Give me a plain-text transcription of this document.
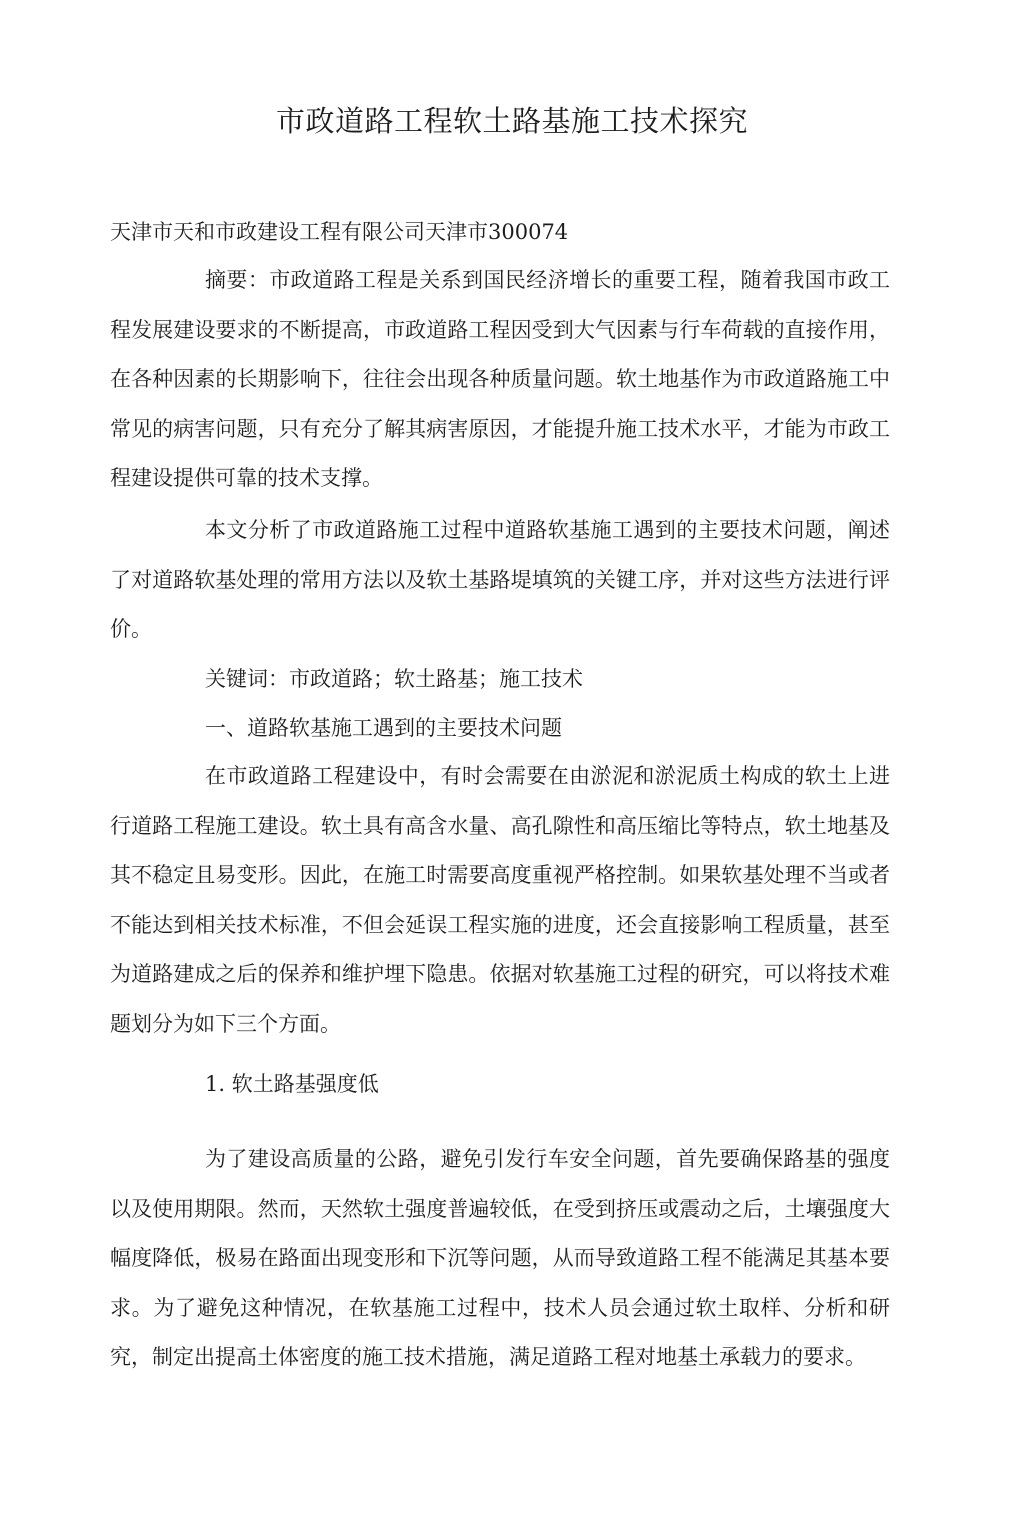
市政道路工程软土路基施工技术探究

天津市天和市政建设工程有限公司天津市300074

摘要：市政道路工程是关系到国民经济增长的重要工程，随着我国市政工程发展建设要求的不断提高，市政道路工程因受到大气因素与行车荷载的直接作用，在各种因素的长期影响下，往往会出现各种质量问题。软土地基作为市政道路施工中常见的病害问题，只有充分了解其病害原因，才能提升施工技术水平，才能为市政工程建设提供可靠的技术支撑。

本文分析了市政道路施工过程中道路软基施工遇到的主要技术问题，阐述了对道路软基处理的常用方法以及软土基路堤填筑的关键工序，并对这些方法进行评价。

关键词：市政道路；软土路基；施工技术

一、道路软基施工遇到的主要技术问题

在市政道路工程建设中，有时会需要在由淤泥和淤泥质土构成的软土上进行道路工程施工建设。软土具有高含水量、高孔隙性和高压缩比等特点，软土地基及其不稳定且易变形。因此，在施工时需要高度重视严格控制。如果软基处理不当或者不能达到相关技术标准，不但会延误工程实施的进度，还会直接影响工程质量，甚至为道路建成之后的保养和维护埋下隐患。依据对软基施工过程的研究，可以将技术难题划分为如下三个方面。

1. 软土路基强度低

为了建设高质量的公路，避免引发行车安全问题，首先要确保路基的强度以及使用期限。然而，天然软土强度普遍较低，在受到挤压或震动之后，土壤强度大幅度降低，极易在路面出现变形和下沉等问题，从而导致道路工程不能满足其基本要求。为了避免这种情况，在软基施工过程中，技术人员会通过软土取样、分析和研究，制定出提高土体密度的施工技术措施，满足道路工程对地基土承载力的要求。
